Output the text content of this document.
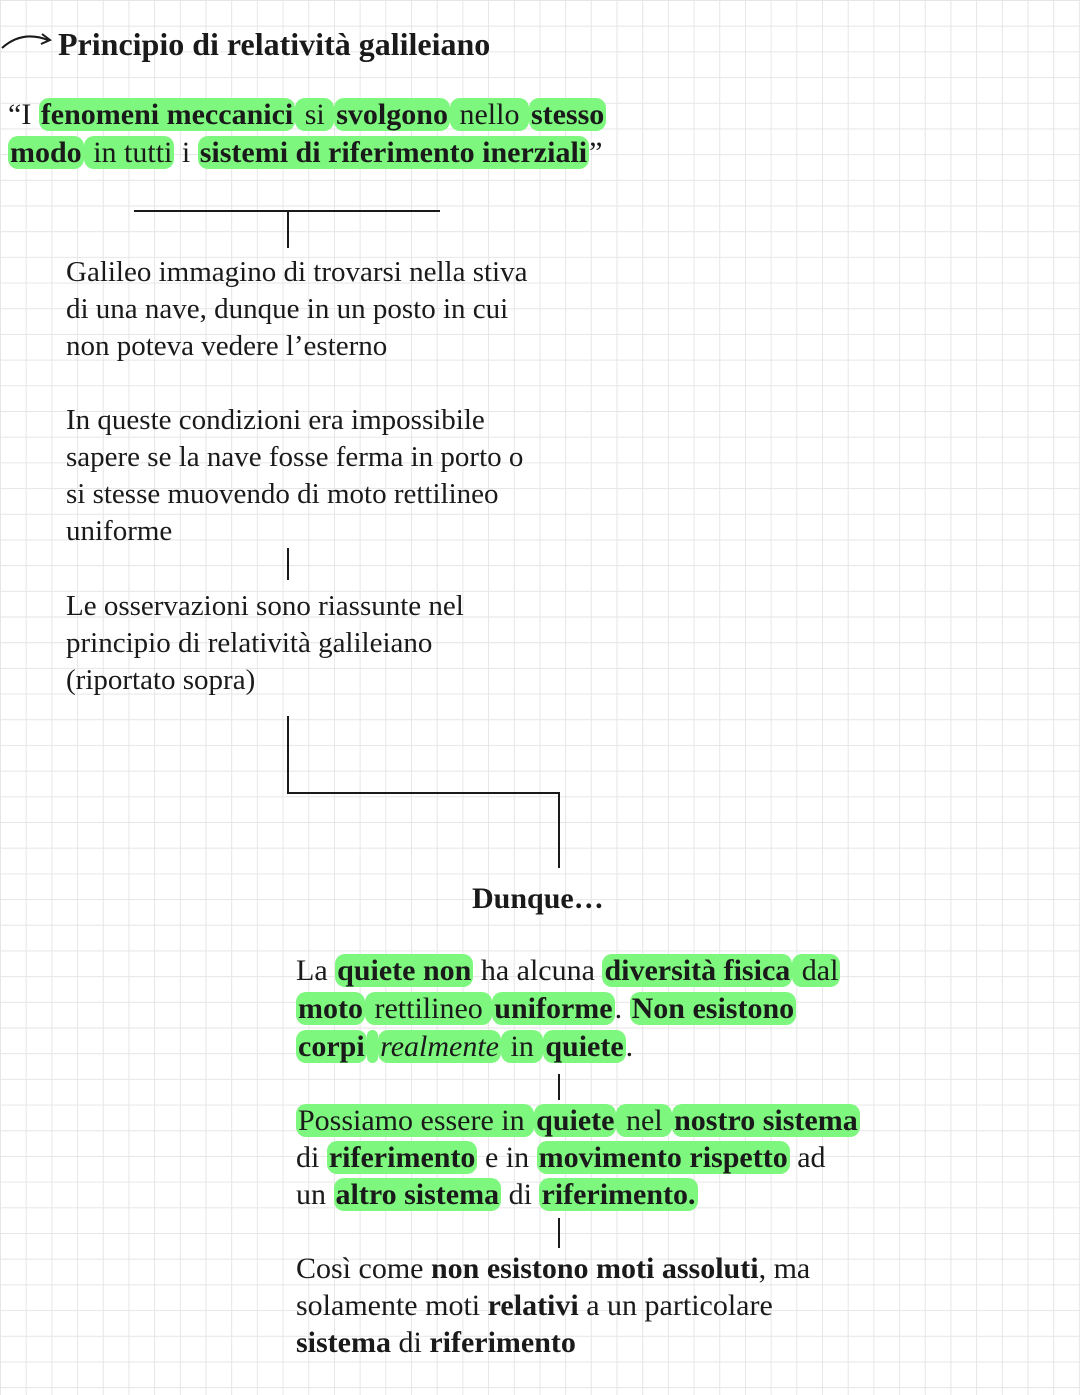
Principio di relatività galileiano
“I fenomeni meccanici si svolgono nello stesso
modo in tutti i sistemi di riferimento inerziali”
Galileo immagino di trovarsi nella stiva
di una nave, dunque in un posto in cui
non poteva vedere l’esterno
In queste condizioni era impossibile
sapere se la nave fosse ferma in porto o
si stesse muovendo di moto rettilineo
uniforme
Le osservazioni sono riassunte nel
principio di relatività galileiano
(riportato sopra)
Dunque…
La quiete non ha alcuna diversità fisica dal
moto rettilineo uniforme. Non esistono
corpi realmente in quiete.
Possiamo essere in quiete nel nostro sistema
di riferimento e in movimento rispetto ad
un altro sistema di riferimento.
Così come non esistono moti assoluti, ma
solamente moti relativi a un particolare
sistema di riferimento
